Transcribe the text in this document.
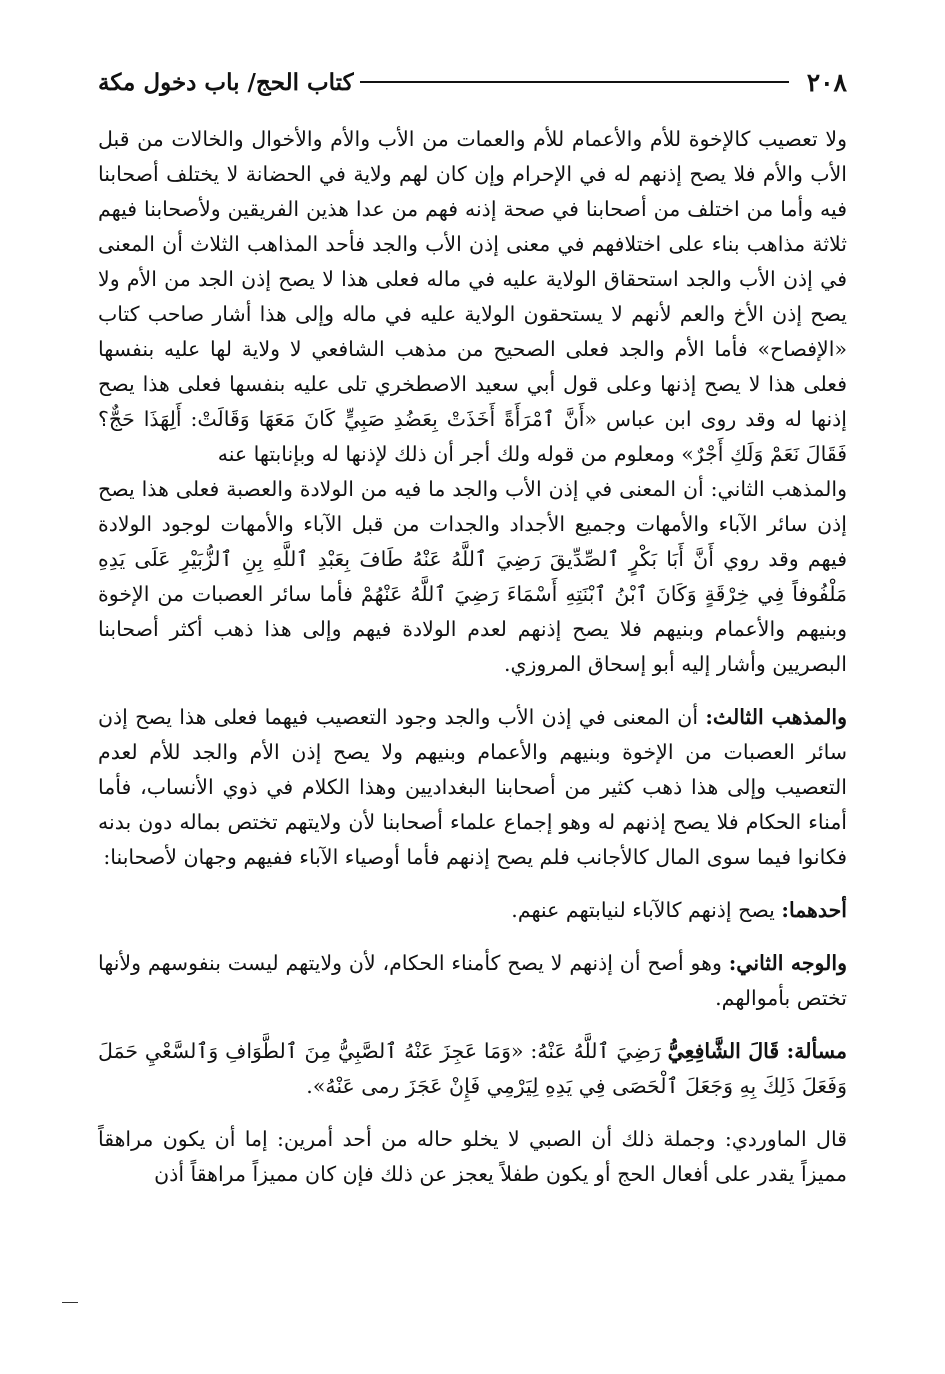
٢٠٨
كتاب الحج/ باب دخول مكة

ولا تعصيب كالإخوة للأم والأعمام للأم والعمات من الأب والأم والأخوال والخالات من قبل الأب والأم فلا يصح إذنهم له في الإحرام وإن كان لهم ولاية في الحضانة لا يختلف أصحابنا فيه وأما من اختلف من أصحابنا في صحة إذنه فهم من عدا هذين الفريقين ولأصحابنا فيهم ثلاثة مذاهب بناء على اختلافهم في معنى إذن الأب والجد فأحد المذاهب الثلاث أن المعنى في إذن الأب والجد استحقاق الولاية عليه في ماله فعلى هذا لا يصح إذن الجد من الأم ولا يصح إذن الأخ والعم لأنهم لا يستحقون الولاية عليه في ماله وإلى هذا أشار صاحب كتاب «الإفصاح» فأما الأم والجد فعلى الصحيح من مذهب الشافعي لا ولاية لها عليه بنفسها فعلى هذا لا يصح إذنها وعلى قول أبي سعيد الاصطخري تلى عليه بنفسها فعلى هذا يصح إذنها له وقد روى ابن عباس «أَنَّ ٱمْرَأَةً أَخَذَتْ بِعَضُدِ صَبِيٍّ كَانَ مَعَهَا وَقَالَتْ: أَلِهَذَا حَجٌّ؟ فَقَالَ نَعَمْ وَلَكِ أَجْرٌ» ومعلوم من قوله ولك أجر أن ذلك لإذنها له وبإنابتها عنه

والمذهب الثاني: أن المعنى في إذن الأب والجد ما فيه من الولادة والعصبة فعلى هذا يصح إذن سائر الآباء والأمهات وجميع الأجداد والجدات من قبل الآباء والأمهات لوجود الولادة فيهم وقد روي أَنَّ أَبَا بَكْرٍ ٱلصِّدِّيقَ رَضِيَ ٱللَّهُ عَنْهُ طَافَ بِعَبْدِ ٱللَّهِ بِنِ ٱلزُّبَيْرِ عَلَى يَدِهِ مَلْفُوفاً فِي خِرْقَةٍ وَكَانَ ٱبْنُ ٱبْنَتِهِ أَسْمَاءَ رَضِيَ ٱللَّهُ عَنْهُمْ فأما سائر العصبات من الإخوة وبنيهم والأعمام وبنيهم فلا يصح إذنهم لعدم الولادة فيهم وإلى هذا ذهب أكثر أصحابنا البصريين وأشار إليه أبو إسحاق المروزي.

والمذهب الثالث: أن المعنى في إذن الأب والجد وجود التعصيب فيهما فعلى هذا يصح إذن سائر العصبات من الإخوة وبنيهم والأعمام وبنيهم ولا يصح إذن الأم والجد للأم لعدم التعصيب وإلى هذا ذهب كثير من أصحابنا البغداديين وهذا الكلام في ذوي الأنساب، فأما أمناء الحكام فلا يصح إذنهم له وهو إجماع علماء أصحابنا لأن ولايتهم تختص بماله دون بدنه فكانوا فيما سوى المال كالأجانب فلم يصح إذنهم فأما أوصياء الآباء ففيهم وجهان لأصحابنا:

أحدهما: يصح إذنهم كالآباء لنيابتهم عنهم.

والوجه الثاني: وهو أصح أن إذنهم لا يصح كأمناء الحكام، لأن ولايتهم ليست بنفوسهم ولأنها تختص بأموالهم.

مسألة: قَالَ الشَّافِعِيُّ رَضِيَ ٱللَّهُ عَنْهُ: «وَمَا عَجِزَ عَنْهُ ٱلصَّبِيُّ مِنَ ٱلطَّوَافِ وَٱلسَّعْيِ حَمَلَ وَفَعَلَ ذَلِكَ بِهِ وَجَعَلَ ٱلْحَصَى فِي يَدِهِ لِيَرْمِي فَإِنْ عَجَزَ رمى عَنْهُ».

قال الماوردي: وجملة ذلك أن الصبي لا يخلو حاله من أحد أمرين: إما أن يكون مراهقاً مميزاً يقدر على أفعال الحج أو يكون طفلاً يعجز عن ذلك فإن كان مميزاً مراهقاً أذن
